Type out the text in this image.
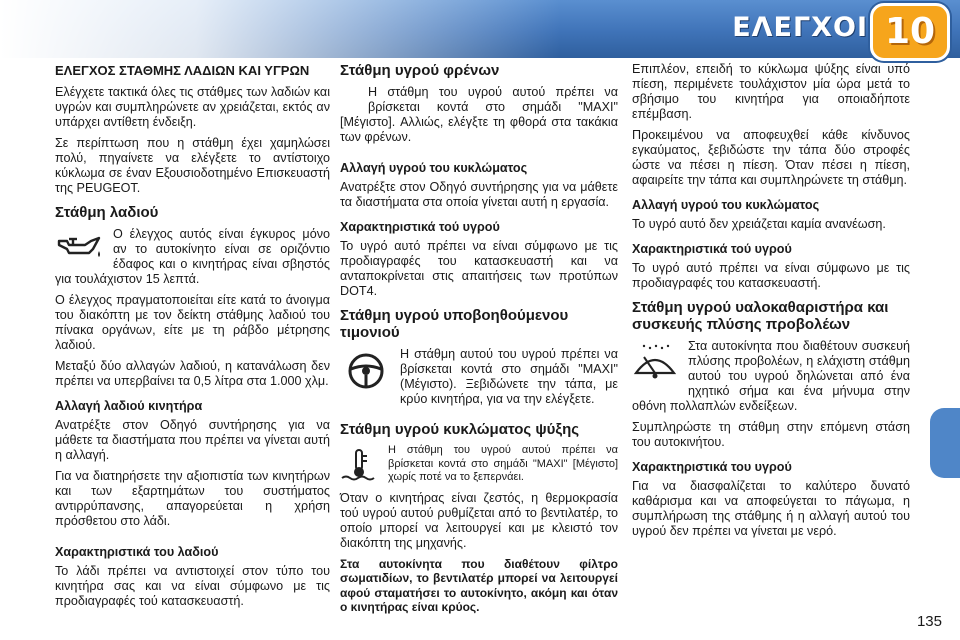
ΕΛΕΓΧΟΙ 10
ΕΛΕΓΧΟΣ ΣΤΑΘΜΗΣ ΛΑΔΙΩΝ ΚΑΙ ΥΓΡΩΝ

Ελέγχετε τακτικά όλες τις στάθμες των λαδιών και υγρών και συμπληρώνετε αν χρειάζεται, εκτός αν υπάρχει αντίθετη ένδειξη.

Σε περίπτωση που η στάθμη έχει χαμηλώσει πολύ, πηγαίνετε να ελέγξετε το αντίστοιχο κύκλωμα σε έναν Εξουσιοδοτημένο Επισκευαστή της PEUGEOT.

Στάθμη λαδιού

Ο έλεγχος αυτός είναι έγκυρος μόνο αν το αυτοκίνητο είναι σε οριζόντιο έδαφος και ο κινητήρας είναι σβηστός για τουλάχιστον 15 λεπτά.

Ο έλεγχος πραγματοποιείται είτε κατά το άνοιγμα του διακόπτη με τον δείκτη στάθμης λαδιού του πίνακα οργάνων, είτε με τη ράβδο μέτρησης λαδιού.

Μεταξύ δύο αλλαγών λαδιού, η κατανάλωση δεν πρέπει να υπερβαίνει τα 0,5 λίτρα στα 1.000 χλμ.

Αλλαγή λαδιού κινητήρα

Ανατρέξτε στον Οδηγό συντήρησης για να μάθετε τα διαστήματα που πρέπει να γίνεται αυτή η αλλαγή.

Για να διατηρήσετε την αξιοπιστία των κινητήρων και των εξαρτημάτων του συστήματος αντιρρύπανσης, απαγορεύεται η χρήση πρόσθετου στο λάδι.

Χαρακτηριστικά του λαδιού

Το λάδι πρέπει να αντιστοιχεί στον τύπο του κινητήρα σας και να είναι σύμφωνο με τις προδιαγραφές τού κατασκευαστή.

Στάθμη υγρού φρένων

Η στάθμη του υγρού αυτού πρέπει να βρίσκεται κοντά στο σημάδι "MAXI" [Μέγιστο]. Αλλιώς, ελέγξτε τη φθορά στα τακάκια των φρένων.

Αλλαγή υγρού του κυκλώματος

Ανατρέξτε στον Οδηγό συντήρησης για να μάθετε τα διαστήματα στα οποία γίνεται αυτή η εργασία.

Χαρακτηριστικά τού υγρού

Το υγρό αυτό πρέπει να είναι σύμφωνο με τις προδιαγραφές του κατασκευαστή και να ανταποκρίνεται στις απαιτήσεις των προτύπων DOT4.

Στάθμη υγρού υποβοηθούμενου τιμονιού

Η στάθμη αυτού του υγρού πρέπει να βρίσκεται κοντά στο σημάδι "MAXI" (Μέγιστο). Ξεβιδώνετε την τάπα, με κρύο κινητήρα, για να την ελέγξετε.

Στάθμη υγρού κυκλώματος ψύξης

Η στάθμη του υγρού αυτού πρέπει να βρίσκεται κοντά στο σημάδι "MAXI" [Μέγιστο] χωρίς ποτέ να το ξεπερνάει.

Όταν ο κινητήρας είναι ζεστός, η θερμοκρασία τού υγρού αυτού ρυθμίζεται από το βεντιλατέρ, το οποίο μπορεί να λειτουργεί και με κλειστό τον διακόπτη της μηχανής.

Στα αυτοκίνητα που διαθέτουν φίλτρο σωματιδίων, το βεντιλατέρ μπορεί να λειτουργεί αφού σταματήσει το αυτοκίνητο, ακόμη και όταν ο κινητήρας είναι κρύος.

Επιπλέον, επειδή το κύκλωμα ψύξης είναι υπό πίεση, περιμένετε τουλάχιστον μία ώρα μετά το σβήσιμο του κινητήρα για οποιαδήποτε επέμβαση.

Προκειμένου να αποφευχθεί κάθε κίνδυνος εγκαύματος, ξεβιδώστε την τάπα δύο στροφές ώστε να πέσει η πίεση. Όταν πέσει η πίεση, αφαιρείτε την τάπα και συμπληρώνετε τη στάθμη.

Αλλαγή υγρού του κυκλώματος

Το υγρό αυτό δεν χρειάζεται καμία ανανέωση.

Χαρακτηριστικά τού υγρού

Το υγρό αυτό πρέπει να είναι σύμφωνο με τις προδιαγραφές του κατασκευαστή.

Στάθμη υγρού υαλοκαθαριστήρα και συσκευής πλύσης προβολέων

Στα αυτοκίνητα που διαθέτουν συσκευή πλύσης προβολέων, η ελάχιστη στάθμη αυτού του υγρού δηλώνεται από ένα ηχητικό σήμα και ένα μήνυμα στην οθόνη πολλαπλών ενδείξεων.

Συμπληρώστε τη στάθμη στην επόμενη στάση του αυτοκινήτου.

Χαρακτηριστικά του υγρού

Για να διασφαλίζεται το καλύτερο δυνατό καθάρισμα και να αποφεύγεται το πάγωμα, η συμπλήρωση της στάθμης ή η αλλαγή αυτού του υγρού δεν πρέπει να γίνεται με νερό.

135
